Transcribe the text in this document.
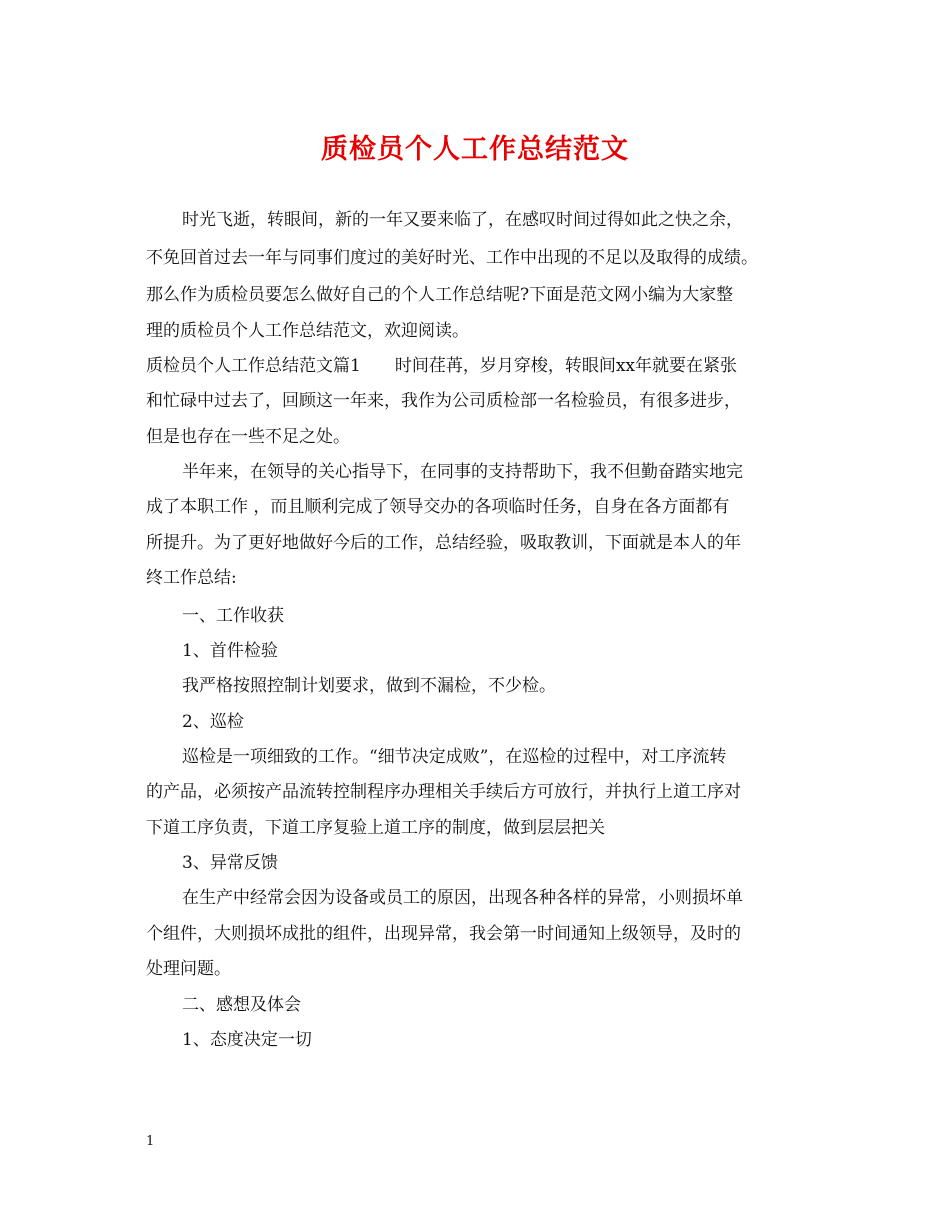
质检员个人工作总结范文

时光飞逝，转眼间，新的一年又要来临了，在感叹时间过得如此之快之余，

不免回首过去一年与同事们度过的美好时光、工作中出现的不足以及取得的成绩。

那么作为质检员要怎么做好自己的个人工作总结呢?下面是范文网小编为大家整

理的质检员个人工作总结范文，欢迎阅读。

质检员个人工作总结范文篇1　　时间荏苒，岁月穿梭，转眼间xx年就要在紧张

和忙碌中过去了，回顾这一年来，我作为公司质检部一名检验员，有很多进步，

但是也存在一些不足之处。

半年来，在领导的关心指导下，在同事的支持帮助下，我不但勤奋踏实地完

成了本职工作 ，而且顺利完成了领导交办的各项临时任务，自身在各方面都有

所提升。为了更好地做好今后的工作，总结经验，吸取教训，下面就是本人的年

终工作总结:

一、工作收获

1、首件检验

我严格按照控制计划要求，做到不漏检，不少检。

2、巡检

巡检是一项细致的工作。“细节决定成败”，在巡检的过程中，对工序流转

的产品，必须按产品流转控制程序办理相关手续后方可放行，并执行上道工序对

下道工序负责，下道工序复验上道工序的制度，做到层层把关

3、异常反馈

在生产中经常会因为设备或员工的原因，出现各种各样的异常，小则损坏单

个组件，大则损坏成批的组件，出现异常，我会第一时间通知上级领导，及时的

处理问题。

二、感想及体会

1、态度决定一切

1
